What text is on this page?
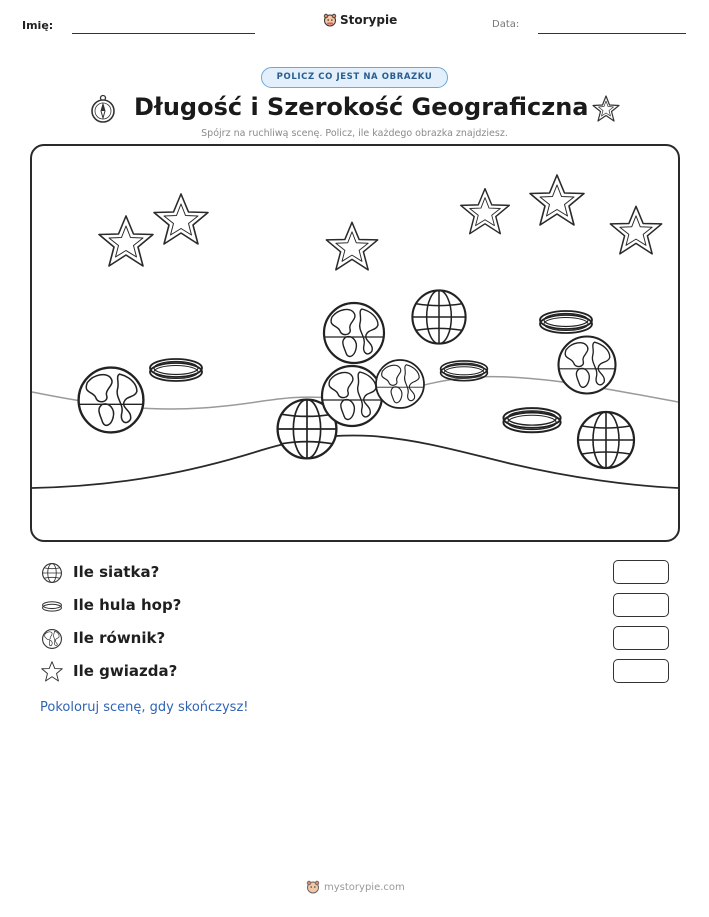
Imię:	Storypie	Data:
POLICZ CO JEST NA OBRAZKU
Długość i Szerokość Geograficzna
Spójrz na ruchliwą scenę. Policz, ile każdego obrazka znajdziesz.
Ile siatka?
Ile hula hop?
Ile równik?
Ile gwiazda?
Pokoloruj scenę, gdy skończysz!
mystorypie.com
